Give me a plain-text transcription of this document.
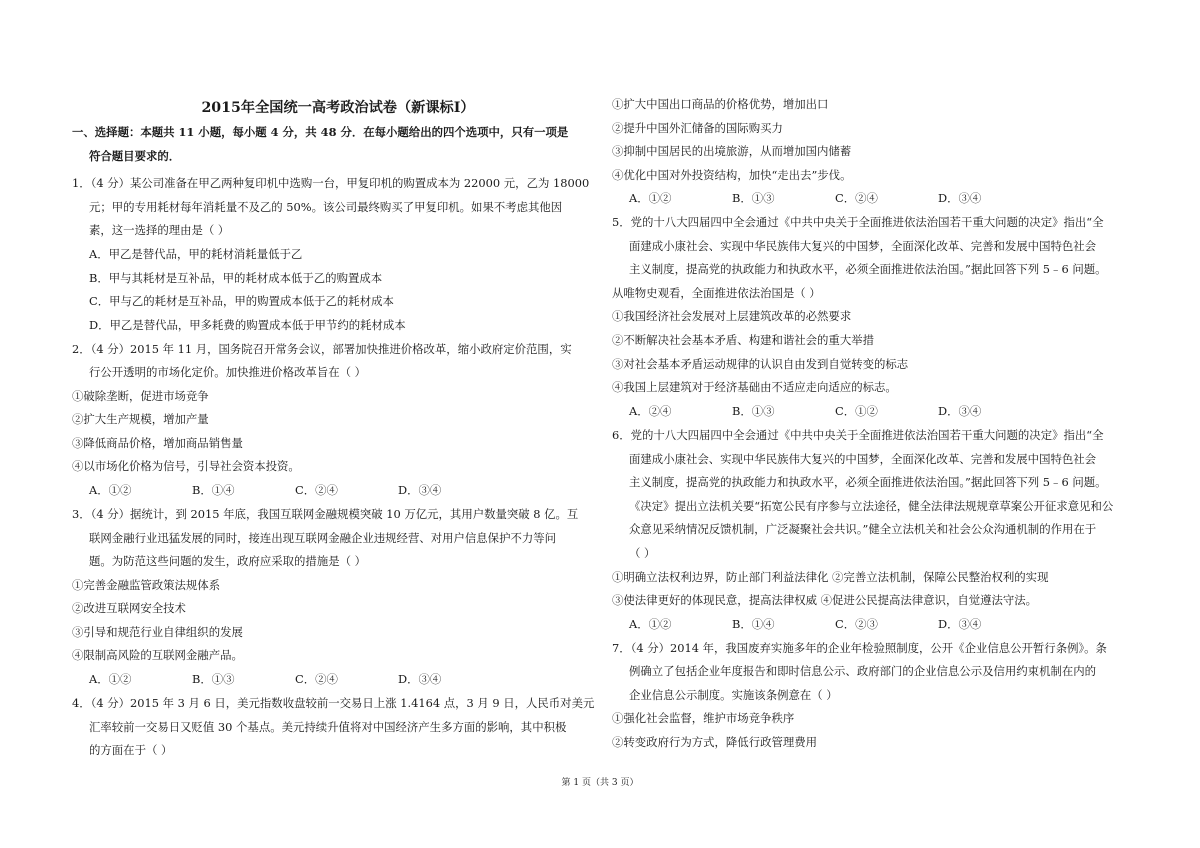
2015年全国统一高考政治试卷（新课标Ⅰ）
一、选择题：本题共 11 小题，每小题 4 分，共 48 分．在每小题给出的四个选项中，只有一项是
符合题目要求的．
1．（4 分）某公司准备在甲乙两种复印机中选购一台，甲复印机的购置成本为 22000 元，乙为 18000
元；甲的专用耗材每年消耗量不及乙的 50%。该公司最终购买了甲复印机。如果不考虑其他因
素，这一选择的理由是（ ）
A．甲乙是替代品，甲的耗材消耗量低于乙
B．甲与其耗材是互补品，甲的耗材成本低于乙的购置成本
C．甲与乙的耗材是互补品，甲的购置成本低于乙的耗材成本
D．甲乙是替代品，甲多耗费的购置成本低于甲节约的耗材成本
2．（4 分）2015 年 11 月，国务院召开常务会议，部署加快推进价格改革，缩小政府定价范围，实
行公开透明的市场化定价。加快推进价格改革旨在（ ）
①破除垄断，促进市场竞争
②扩大生产规模，增加产量
③降低商品价格，增加商品销售量
④以市场化价格为信号，引导社会资本投资。
A．①②	B．①④	C．②④	D．③④
3．（4 分）据统计，到 2015 年底，我国互联网金融规模突破 10 万亿元，其用户数量突破 8 亿。互
联网金融行业迅猛发展的同时，接连出现互联网金融企业违规经营、对用户信息保护不力等问
题。为防范这些问题的发生，政府应采取的措施是（ ）
①完善金融监管政策法规体系
②改进互联网安全技术
③引导和规范行业自律组织的发展
④限制高风险的互联网金融产品。
A．①②	B．①③	C．②④	D．③④
4．（4 分）2015 年 3 月 6 日，美元指数收盘较前一交易日上涨 1.4164 点，3 月 9 日，人民币对美元
汇率较前一交易日又贬值 30 个基点。美元持续升值将对中国经济产生多方面的影响，其中积极
的方面在于（ ）
①扩大中国出口商品的价格优势，增加出口
②提升中国外汇储备的国际购买力
③抑制中国居民的出境旅游，从而增加国内储蓄
④优化中国对外投资结构，加快“走出去”步伐。
A．①②	B．①③	C．②④	D．③④
5．党的十八大四届四中全会通过《中共中央关于全面推进依法治国若干重大问题的决定》指出“全
面建成小康社会、实现中华民族伟大复兴的中国梦，全面深化改革、完善和发展中国特色社会
主义制度，提高党的执政能力和执政水平，必须全面推进依法治国。”据此回答下列 5﹣6 问题。
从唯物史观看，全面推进依法治国是（ ）
①我国经济社会发展对上层建筑改革的必然要求
②不断解决社会基本矛盾、构建和谐社会的重大举措
③对社会基本矛盾运动规律的认识自由发到自觉转变的标志
④我国上层建筑对于经济基础由不适应走向适应的标志。
A．②④	B．①③	C．①②	D．③④
6．党的十八大四届四中全会通过《中共中央关于全面推进依法治国若干重大问题的决定》指出“全
面建成小康社会、实现中华民族伟大复兴的中国梦，全面深化改革、完善和发展中国特色社会
主义制度，提高党的执政能力和执政水平，必须全面推进依法治国。”据此回答下列 5﹣6 问题。
《决定》提出立法机关要“拓宽公民有序参与立法途径，健全法律法规规章草案公开征求意见和公
众意见采纳情况反馈机制，广泛凝聚社会共识。”健全立法机关和社会公众沟通机制的作用在于
（ ）
①明确立法权利边界，防止部门利益法律化 ②完善立法机制，保障公民整治权利的实现
③使法律更好的体现民意，提高法律权威 ④促进公民提高法律意识，自觉遵法守法。
A．①②	B．①④	C．②③	D．③④
7．（4 分）2014 年，我国废弃实施多年的企业年检验照制度，公开《企业信息公开暂行条例》。条
例确立了包括企业年度报告和即时信息公示、政府部门的企业信息公示及信用约束机制在内的
企业信息公示制度。实施该条例意在（ ）
①强化社会监督，维护市场竞争秩序
②转变政府行为方式，降低行政管理费用
第 1 页（共 3 页）
